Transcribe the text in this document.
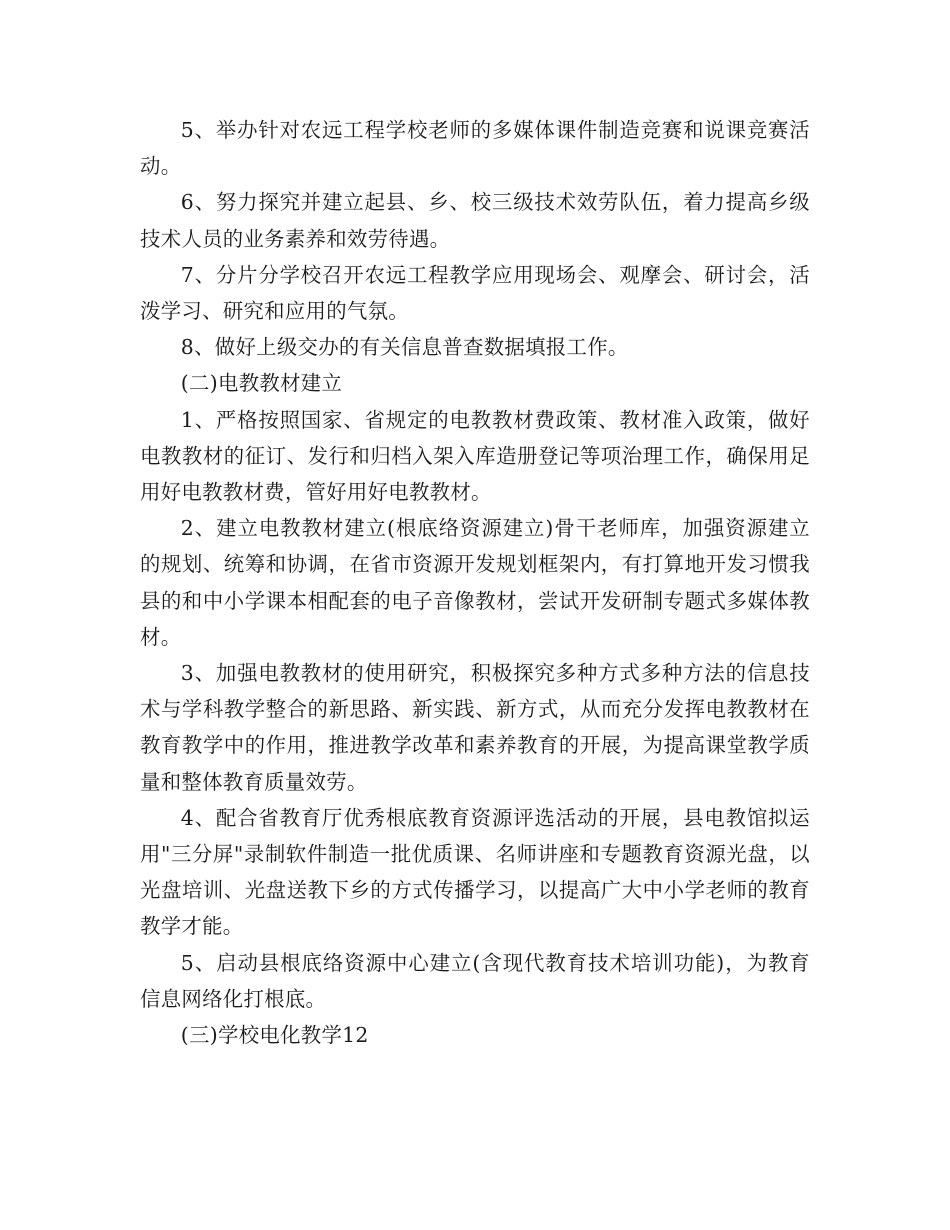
5、举办针对农远工程学校老师的多媒体课件制造竞赛和说课竞赛活动。

6、努力探究并建立起县、乡、校三级技术效劳队伍，着力提高乡级技术人员的业务素养和效劳待遇。

7、分片分学校召开农远工程教学应用现场会、观摩会、研讨会，活泼学习、研究和应用的气氛。

8、做好上级交办的有关信息普查数据填报工作。

(二)电教教材建立

1、严格按照国家、省规定的电教教材费政策、教材准入政策，做好电教教材的征订、发行和归档入架入库造册登记等项治理工作，确保用足用好电教教材费，管好用好电教教材。

2、建立电教教材建立(根底络资源建立)骨干老师库，加强资源建立的规划、统筹和协调，在省市资源开发规划框架内，有打算地开发习惯我县的和中小学课本相配套的电子音像教材，尝试开发研制专题式多媒体教材。

3、加强电教教材的使用研究，积极探究多种方式多种方法的信息技术与学科教学整合的新思路、新实践、新方式，从而充分发挥电教教材在教育教学中的作用，推进教学改革和素养教育的开展，为提高课堂教学质量和整体教育质量效劳。

4、配合省教育厅优秀根底教育资源评选活动的开展，县电教馆拟运用"三分屏"录制软件制造一批优质课、名师讲座和专题教育资源光盘，以光盘培训、光盘送教下乡的方式传播学习，以提高广大中小学老师的教育教学才能。

5、启动县根底络资源中心建立(含现代教育技术培训功能)，为教育信息网络化打根底。

(三)学校电化教学12
